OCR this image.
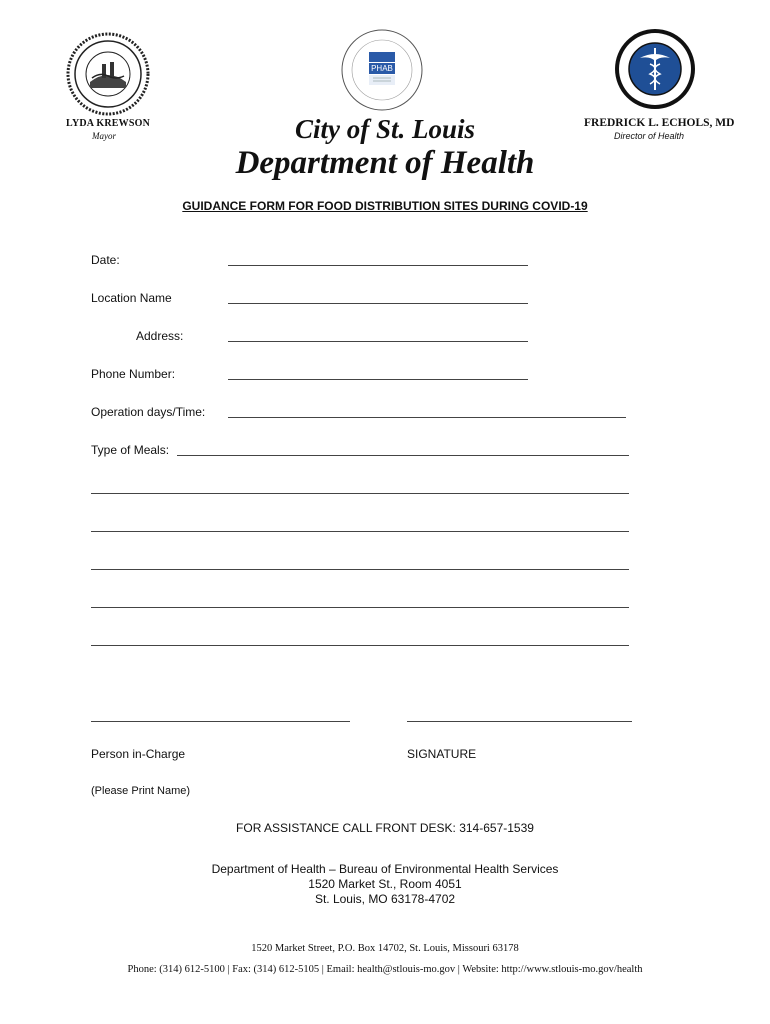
PHAB
LYDA KREWSON
Mayor
FREDRICK L. ECHOLS, MD
Director of Health
City of St. Louis
Department of Health
GUIDANCE FORM FOR FOOD DISTRIBUTION SITES DURING COVID-19
Date:
Location Name
Address:
Phone Number:
Operation days/Time:
Type of Meals:
Person in-Charge	SIGNATURE
(Please Print Name)
FOR ASSISTANCE CALL FRONT DESK: 314-657-1539
Department of Health – Bureau of Environmental Health Services
1520 Market St., Room 4051
St. Louis, MO 63178-4702
1520 Market Street, P.O. Box 14702, St. Louis, Missouri 63178
Phone: (314) 612-5100 | Fax: (314) 612-5105 | Email: health@stlouis-mo.gov | Website: http://www.stlouis-mo.gov/health
